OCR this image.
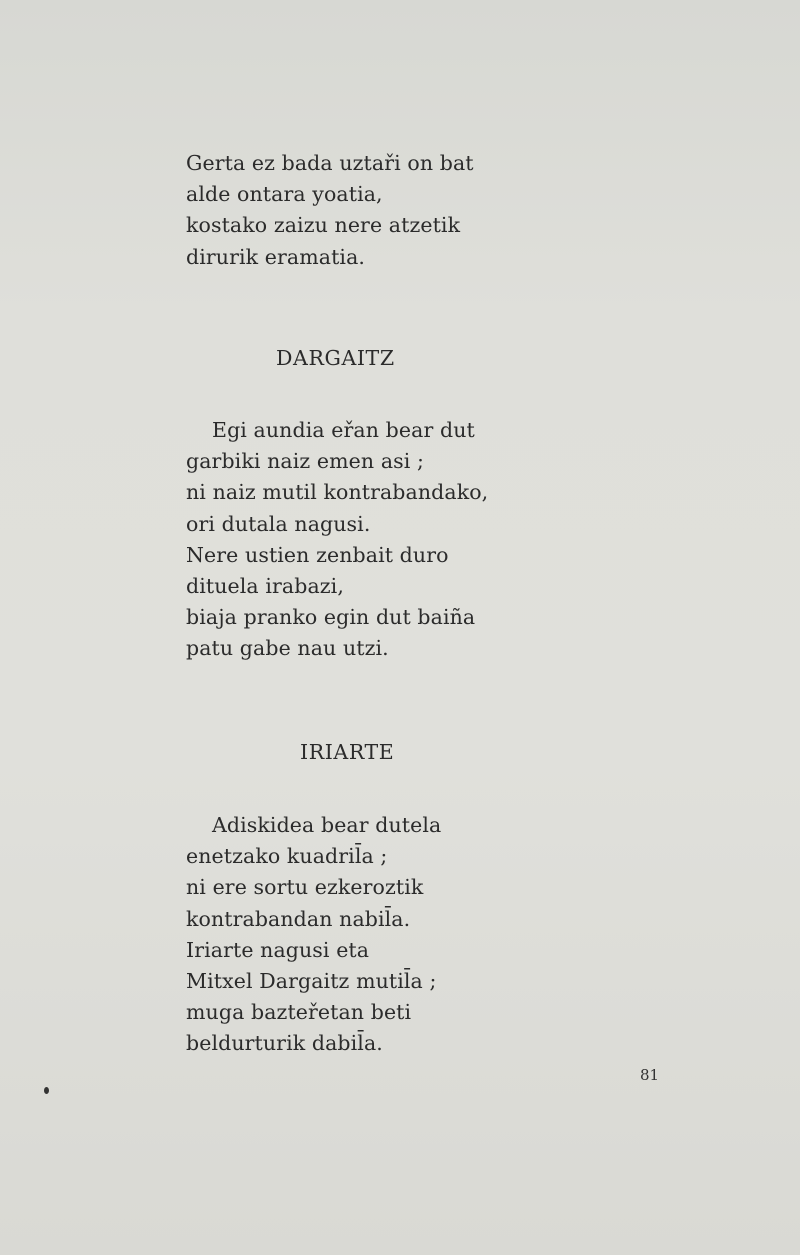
Gerta ez bada uztaři on bat
alde ontara yoatia,
kostako zaizu nere atzetik
dirurik eramatia.
DARGAITZ
Egi aundia eřan bear dut
garbiki naiz emen asi ;
ni naiz mutil kontrabandako,
ori dutala nagusi.
Nere ustien zenbait duro
dituela irabazi,
biaja pranko egin dut baiña
patu gabe nau utzi.
IRIARTE
Adiskidea bear dutela
enetzako kuadril̄a ;
ni ere sortu ezkeroztik
kontrabandan nabil̄a.
Iriarte nagusi eta
Mitxel Dargaitz mutil̄a ;
muga bazteřetan beti
beldurturik dabil̄a.
81
